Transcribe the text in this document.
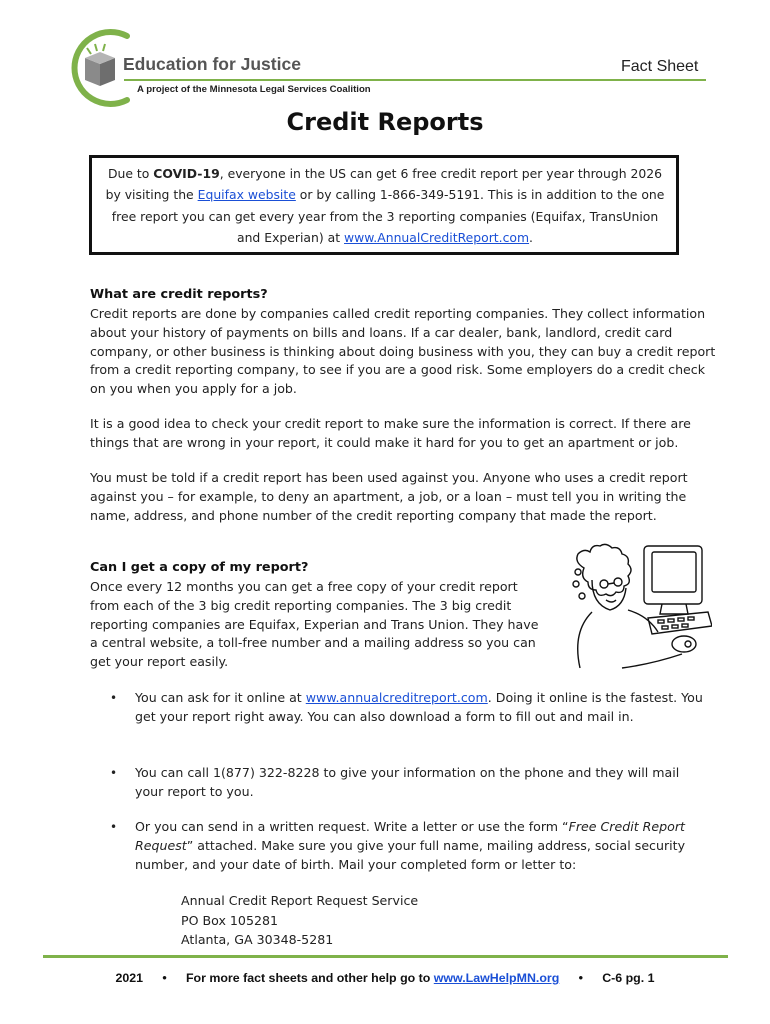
Education for Justice
A project of the Minnesota Legal Services Coalition
Fact Sheet
Credit Reports
Due to COVID-19, everyone in the US can get 6 free credit report per year through 2026 by visiting the Equifax website or by calling 1-866-349-5191. This is in addition to the one free report you can get every year from the 3 reporting companies (Equifax, TransUnion and Experian) at www.AnnualCreditReport.com.
What are credit reports?
Credit reports are done by companies called credit reporting companies. They collect information about your history of payments on bills and loans. If a car dealer, bank, landlord, credit card company, or other business is thinking about doing business with you, they can buy a credit report from a credit reporting company, to see if you are a good risk. Some employers do a credit check on you when you apply for a job.
It is a good idea to check your credit report to make sure the information is correct. If there are things that are wrong in your report, it could make it hard for you to get an apartment or job.
You must be told if a credit report has been used against you. Anyone who uses a credit report against you – for example, to deny an apartment, a job, or a loan – must tell you in writing the name, address, and phone number of the credit reporting company that made the report.
Can I get a copy of my report?
Once every 12 months you can get a free copy of your credit report from each of the 3 big credit reporting companies. The 3 big credit reporting companies are Equifax, Experian and Trans Union. They have a central website, a toll-free number and a mailing address so you can get your report easily.
• You can ask for it online at www.annualcreditreport.com. Doing it online is the fastest. You get your report right away. You can also download a form to fill out and mail in.
• You can call 1(877) 322-8228 to give your information on the phone and they will mail your report to you.
• Or you can send in a written request. Write a letter or use the form “Free Credit Report Request” attached. Make sure you give your full name, mailing address, social security number, and your date of birth. Mail your completed form or letter to:
Annual Credit Report Request Service
PO Box 105281
Atlanta, GA 30348-5281
2021 • For more fact sheets and other help go to www.LawHelpMN.org • C-6 pg. 1
